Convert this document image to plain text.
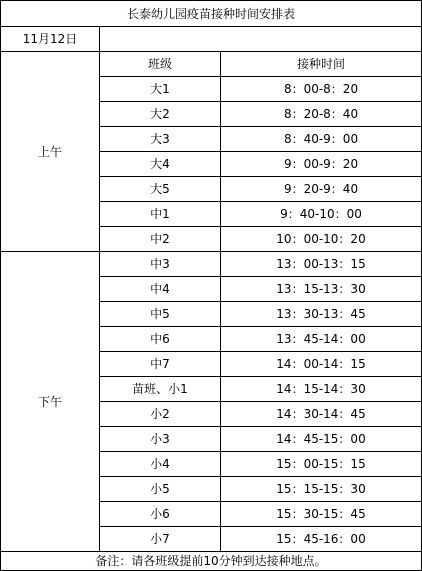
长泰幼儿园疫苗接种时间安排表		
11月12日		
上午	班级	接种时间
	大1	8：00-8：20
	大2	8：20-8：40
	大3	8：40-9：00
	大4	9：00-9：20
	大5	9：20-9：40
	中1	9：40-10：00
	中2	10：00-10：20
下午	中3	13：00-13：15
	中4	13：15-13：30
	中5	13：30-13：45
	中6	13：45-14：00
	中7	14：00-14：15
	苗班、小1	14：15-14：30
	小2	14：30-14：45
	小3	14：45-15：00
	小4	15：00-15：15
	小5	15：15-15：30
	小6	15：30-15：45
	小7	15：45-16：00
备注：请各班级提前10分钟到达接种地点。		
